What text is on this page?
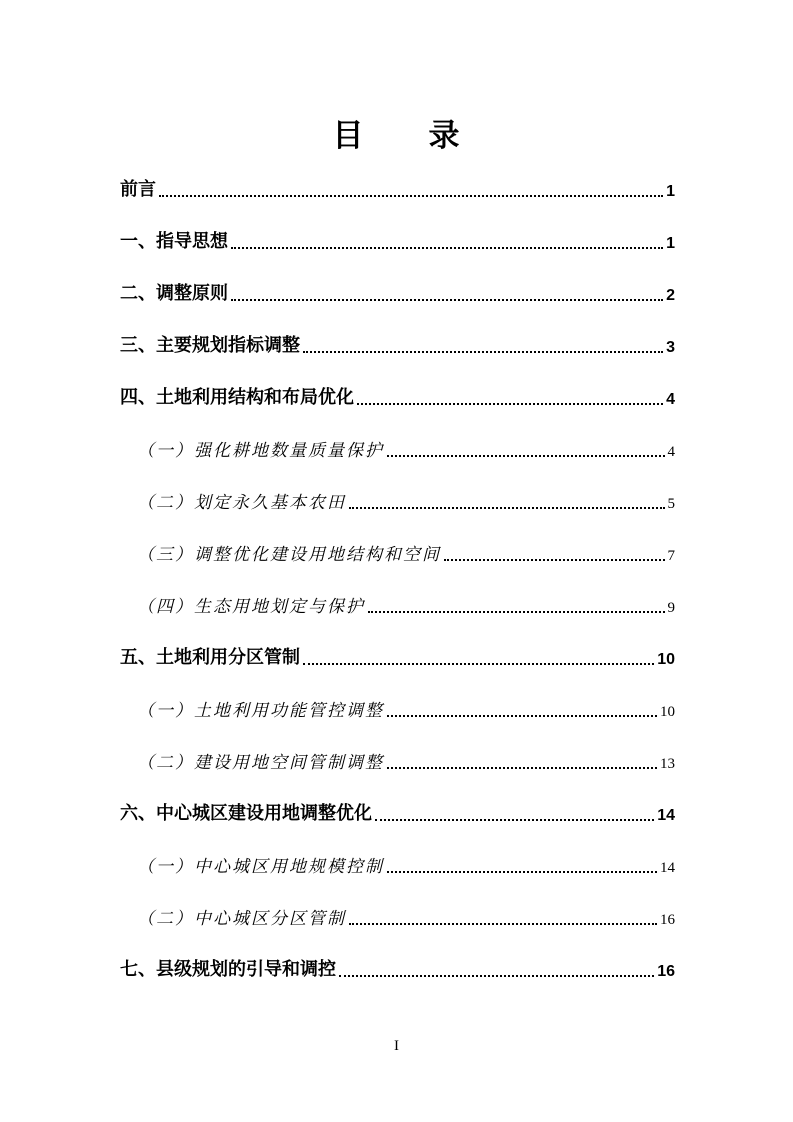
目　　录
前言	1
一、指导思想	1
二、调整原则	2
三、主要规划指标调整	3
四、土地利用结构和布局优化	4
（一）强化耕地数量质量保护	4
（二）划定永久基本农田	5
（三）调整优化建设用地结构和空间	7
（四）生态用地划定与保护	9
五、土地利用分区管制	10
（一）土地利用功能管控调整	10
（二）建设用地空间管制调整	13
六、中心城区建设用地调整优化	14
（一）中心城区用地规模控制	14
（二）中心城区分区管制	16
七、县级规划的引导和调控	16
I
